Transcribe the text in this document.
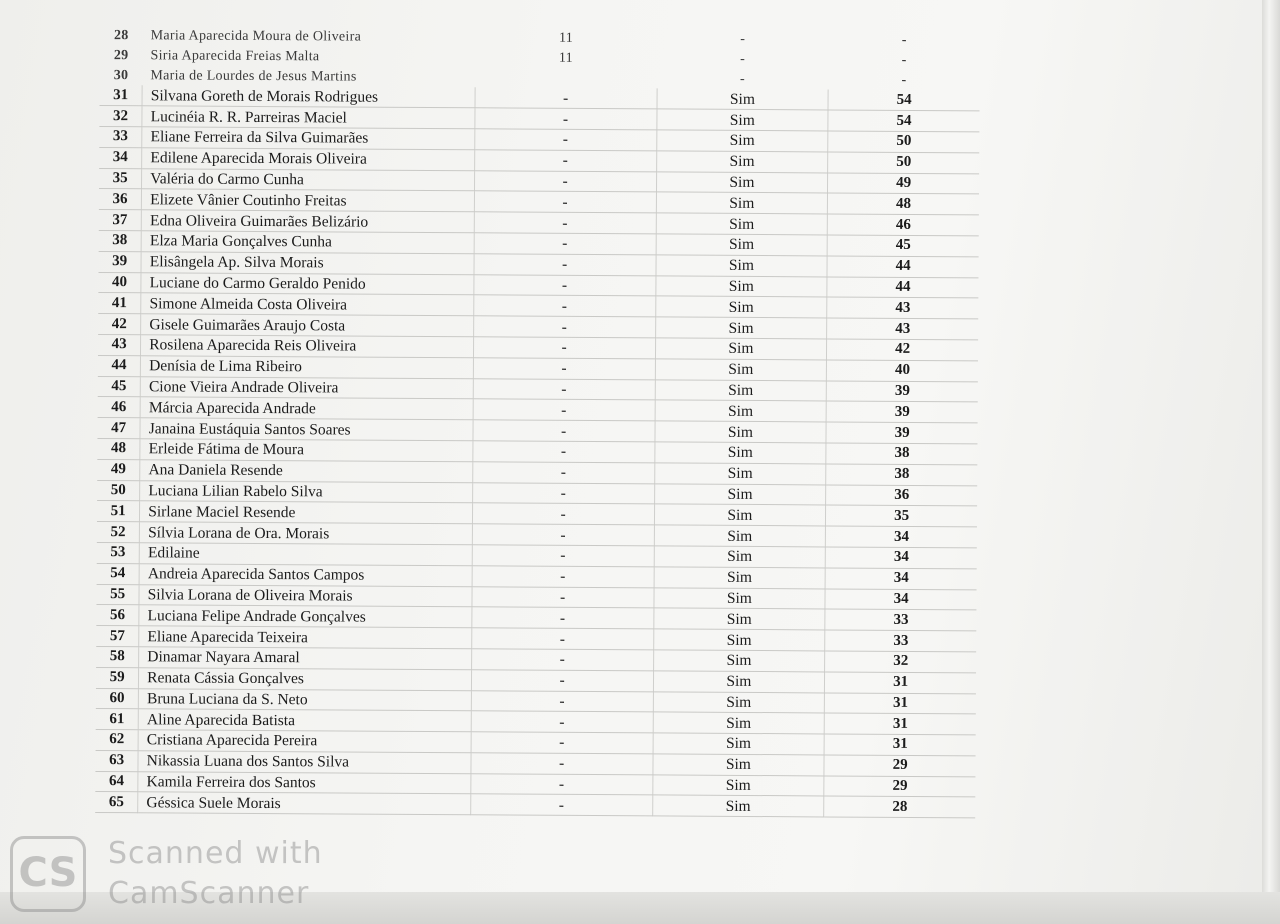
28	Maria Aparecida Moura de Oliveira	11	-	-
29	Siria Aparecida Freias Malta	11	-	-
30	Maria de Lourdes de Jesus Martins		-	-
31	Silvana Goreth de Morais Rodrigues	-	Sim	54
32	Lucinéia R. R. Parreiras Maciel	-	Sim	54
33	Eliane Ferreira da Silva Guimarães	-	Sim	50
34	Edilene Aparecida Morais Oliveira	-	Sim	50
35	Valéria do Carmo Cunha	-	Sim	49
36	Elizete Vânier Coutinho Freitas	-	Sim	48
37	Edna Oliveira Guimarães Belizário	-	Sim	46
38	Elza Maria Gonçalves Cunha	-	Sim	45
39	Elisângela Ap. Silva Morais	-	Sim	44
40	Luciane do Carmo Geraldo Penido	-	Sim	44
41	Simone Almeida Costa Oliveira	-	Sim	43
42	Gisele Guimarães Araujo Costa	-	Sim	43
43	Rosilena Aparecida Reis Oliveira	-	Sim	42
44	Denísia de Lima Ribeiro	-	Sim	40
45	Cione Vieira Andrade Oliveira	-	Sim	39
46	Márcia Aparecida Andrade	-	Sim	39
47	Janaina Eustáquia Santos Soares	-	Sim	39
48	Erleide Fátima de Moura	-	Sim	38
49	Ana Daniela Resende	-	Sim	38
50	Luciana Lilian Rabelo Silva	-	Sim	36
51	Sirlane Maciel Resende	-	Sim	35
52	Sílvia Lorana de Ora. Morais	-	Sim	34
53	Edilaine	-	Sim	34
54	Andreia Aparecida Santos Campos	-	Sim	34
55	Silvia Lorana de Oliveira Morais	-	Sim	34
56	Luciana Felipe Andrade Gonçalves	-	Sim	33
57	Eliane Aparecida Teixeira	-	Sim	33
58	Dinamar Nayara Amaral	-	Sim	32
59	Renata Cássia Gonçalves	-	Sim	31
60	Bruna Luciana da S. Neto	-	Sim	31
61	Aline Aparecida Batista	-	Sim	31
62	Cristiana Aparecida Pereira	-	Sim	31
63	Nikassia Luana dos Santos Silva	-	Sim	29
64	Kamila Ferreira dos Santos	-	Sim	29
65	Géssica Suele Morais	-	Sim	28
CS Scanned with
CamScanner
